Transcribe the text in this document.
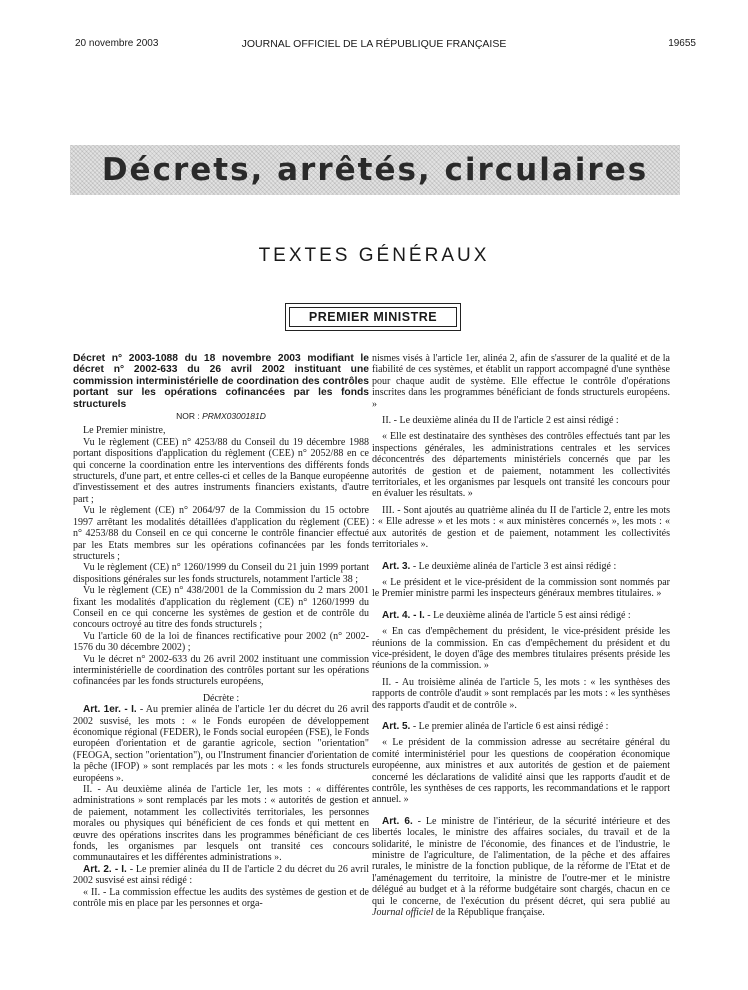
JOURNAL OFFICIEL DE LA RÉPUBLIQUE FRANÇAISE
20 novembre 2003	19655
Décrets, arrêtés, circulaires
TEXTES GÉNÉRAUX
PREMIER MINISTRE

Décret n° 2003-1088 du 18 novembre 2003 modifiant le décret n° 2002-633 du 26 avril 2002 instituant une commission interministérielle de coordination des contrôles portant sur les opérations cofinancées par les fonds structurels

NOR : PRMX0300181D

Le Premier ministre,

Vu le règlement (CEE) n° 4253/88 du Conseil du 19 décembre 1988 portant dispositions d'application du règlement (CEE) n° 2052/88 en ce qui concerne la coordination entre les interventions des différents fonds structurels, d'une part, et entre celles-ci et celles de la Banque européenne d'investissement et des autres instruments financiers existants, d'autre part ;

Vu le règlement (CE) n° 2064/97 de la Commission du 15 octobre 1997 arrêtant les modalités détaillées d'application du règlement (CEE) n° 4253/88 du Conseil en ce qui concerne le contrôle financier effectué par les Etats membres sur les opérations cofinancées par les fonds structurels ;

Vu le règlement (CE) n° 1260/1999 du Conseil du 21 juin 1999 portant dispositions générales sur les fonds structurels, notamment l'article 38 ;

Vu le règlement (CE) n° 438/2001 de la Commission du 2 mars 2001 fixant les modalités d'application du règlement (CE) n° 1260/1999 du Conseil en ce qui concerne les systèmes de gestion et de contrôle du concours octroyé au titre des fonds structurels ;

Vu l'article 60 de la loi de finances rectificative pour 2002 (n° 2002-1576 du 30 décembre 2002) ;

Vu le décret n° 2002-633 du 26 avril 2002 instituant une commission interministérielle de coordination des contrôles portant sur les opérations cofinancées par les fonds structurels européens,

Décrète :

Art. 1er. - I. - Au premier alinéa de l'article 1er du décret du 26 avril 2002 susvisé, les mots : « le Fonds européen de développement économique régional (FEDER), le Fonds social européen (FSE), le Fonds européen d'orientation et de garantie agricole, section "orientation" (FEOGA, section "orientation"), ou l'Instrument financier d'orientation de la pêche (IFOP) » sont remplacés par les mots : « les fonds structurels européens ».

II. - Au deuxième alinéa de l'article 1er, les mots : « différentes administrations » sont remplacés par les mots : « autorités de gestion et de paiement, notamment les collectivités territoriales, les personnes morales ou physiques qui bénéficient de ces fonds et qui mettent en œuvre des opérations inscrites dans les programmes bénéficiant de ces fonds, les organismes par lesquels ont transité ces concours communautaires et les différentes administrations ».

Art. 2. - I. - Le premier alinéa du II de l'article 2 du décret du 26 avril 2002 susvisé est ainsi rédigé :

« II. - La commission effectue les audits des systèmes de gestion et de contrôle mis en place par les personnes et orga-

nismes visés à l'article 1er, alinéa 2, afin de s'assurer de la qualité et de la fiabilité de ces systèmes, et établit un rapport accompagné d'une synthèse pour chaque audit de système. Elle effectue le contrôle d'opérations inscrites dans les programmes bénéficiant de fonds structurels européens. »

II. - Le deuxième alinéa du II de l'article 2 est ainsi rédigé :

« Elle est destinataire des synthèses des contrôles effectués tant par les inspections générales, les administrations centrales et les services déconcentrés des départements ministériels concernés que par les autorités de gestion et de paiement, notamment les collectivités territoriales, et les organismes par lesquels ont transité les concours pour en évaluer les résultats. »

III. - Sont ajoutés au quatrième alinéa du II de l'article 2, entre les mots : « Elle adresse » et les mots : « aux ministères concernés », les mots : « aux autorités de gestion et de paiement, notamment les collectivités territoriales ».

Art. 3. - Le deuxième alinéa de l'article 3 est ainsi rédigé :

« Le président et le vice-président de la commission sont nommés par le Premier ministre parmi les inspecteurs généraux membres titulaires. »

Art. 4. - I. - Le deuxième alinéa de l'article 5 est ainsi rédigé :

« En cas d'empêchement du président, le vice-président préside les réunions de la commission. En cas d'empêchement du président et du vice-président, le doyen d'âge des membres titulaires présents préside les réunions de la commission. »

II. - Au troisième alinéa de l'article 5, les mots : « les synthèses des rapports de contrôle d'audit » sont remplacés par les mots : « les synthèses des rapports d'audit et de contrôle ».

Art. 5. - Le premier alinéa de l'article 6 est ainsi rédigé :

« Le président de la commission adresse au secrétaire général du comité interministériel pour les questions de coopération économique européenne, aux ministres et aux autorités de gestion et de paiement concerné les déclarations de validité ainsi que les rapports d'audit et de contrôle, les synthèses de ces rapports, les recommandations et le rapport annuel. »

Art. 6. - Le ministre de l'intérieur, de la sécurité intérieure et des libertés locales, le ministre des affaires sociales, du travail et de la solidarité, le ministre de l'économie, des finances et de l'industrie, le ministre de l'agriculture, de l'alimentation, de la pêche et des affaires rurales, le ministre de la fonction publique, de la réforme de l'Etat et de l'aménagement du territoire, la ministre de l'outre-mer et le ministre délégué au budget et à la réforme budgétaire sont chargés, chacun en ce qui le concerne, de l'exécution du présent décret, qui sera publié au Journal officiel de la République française.
